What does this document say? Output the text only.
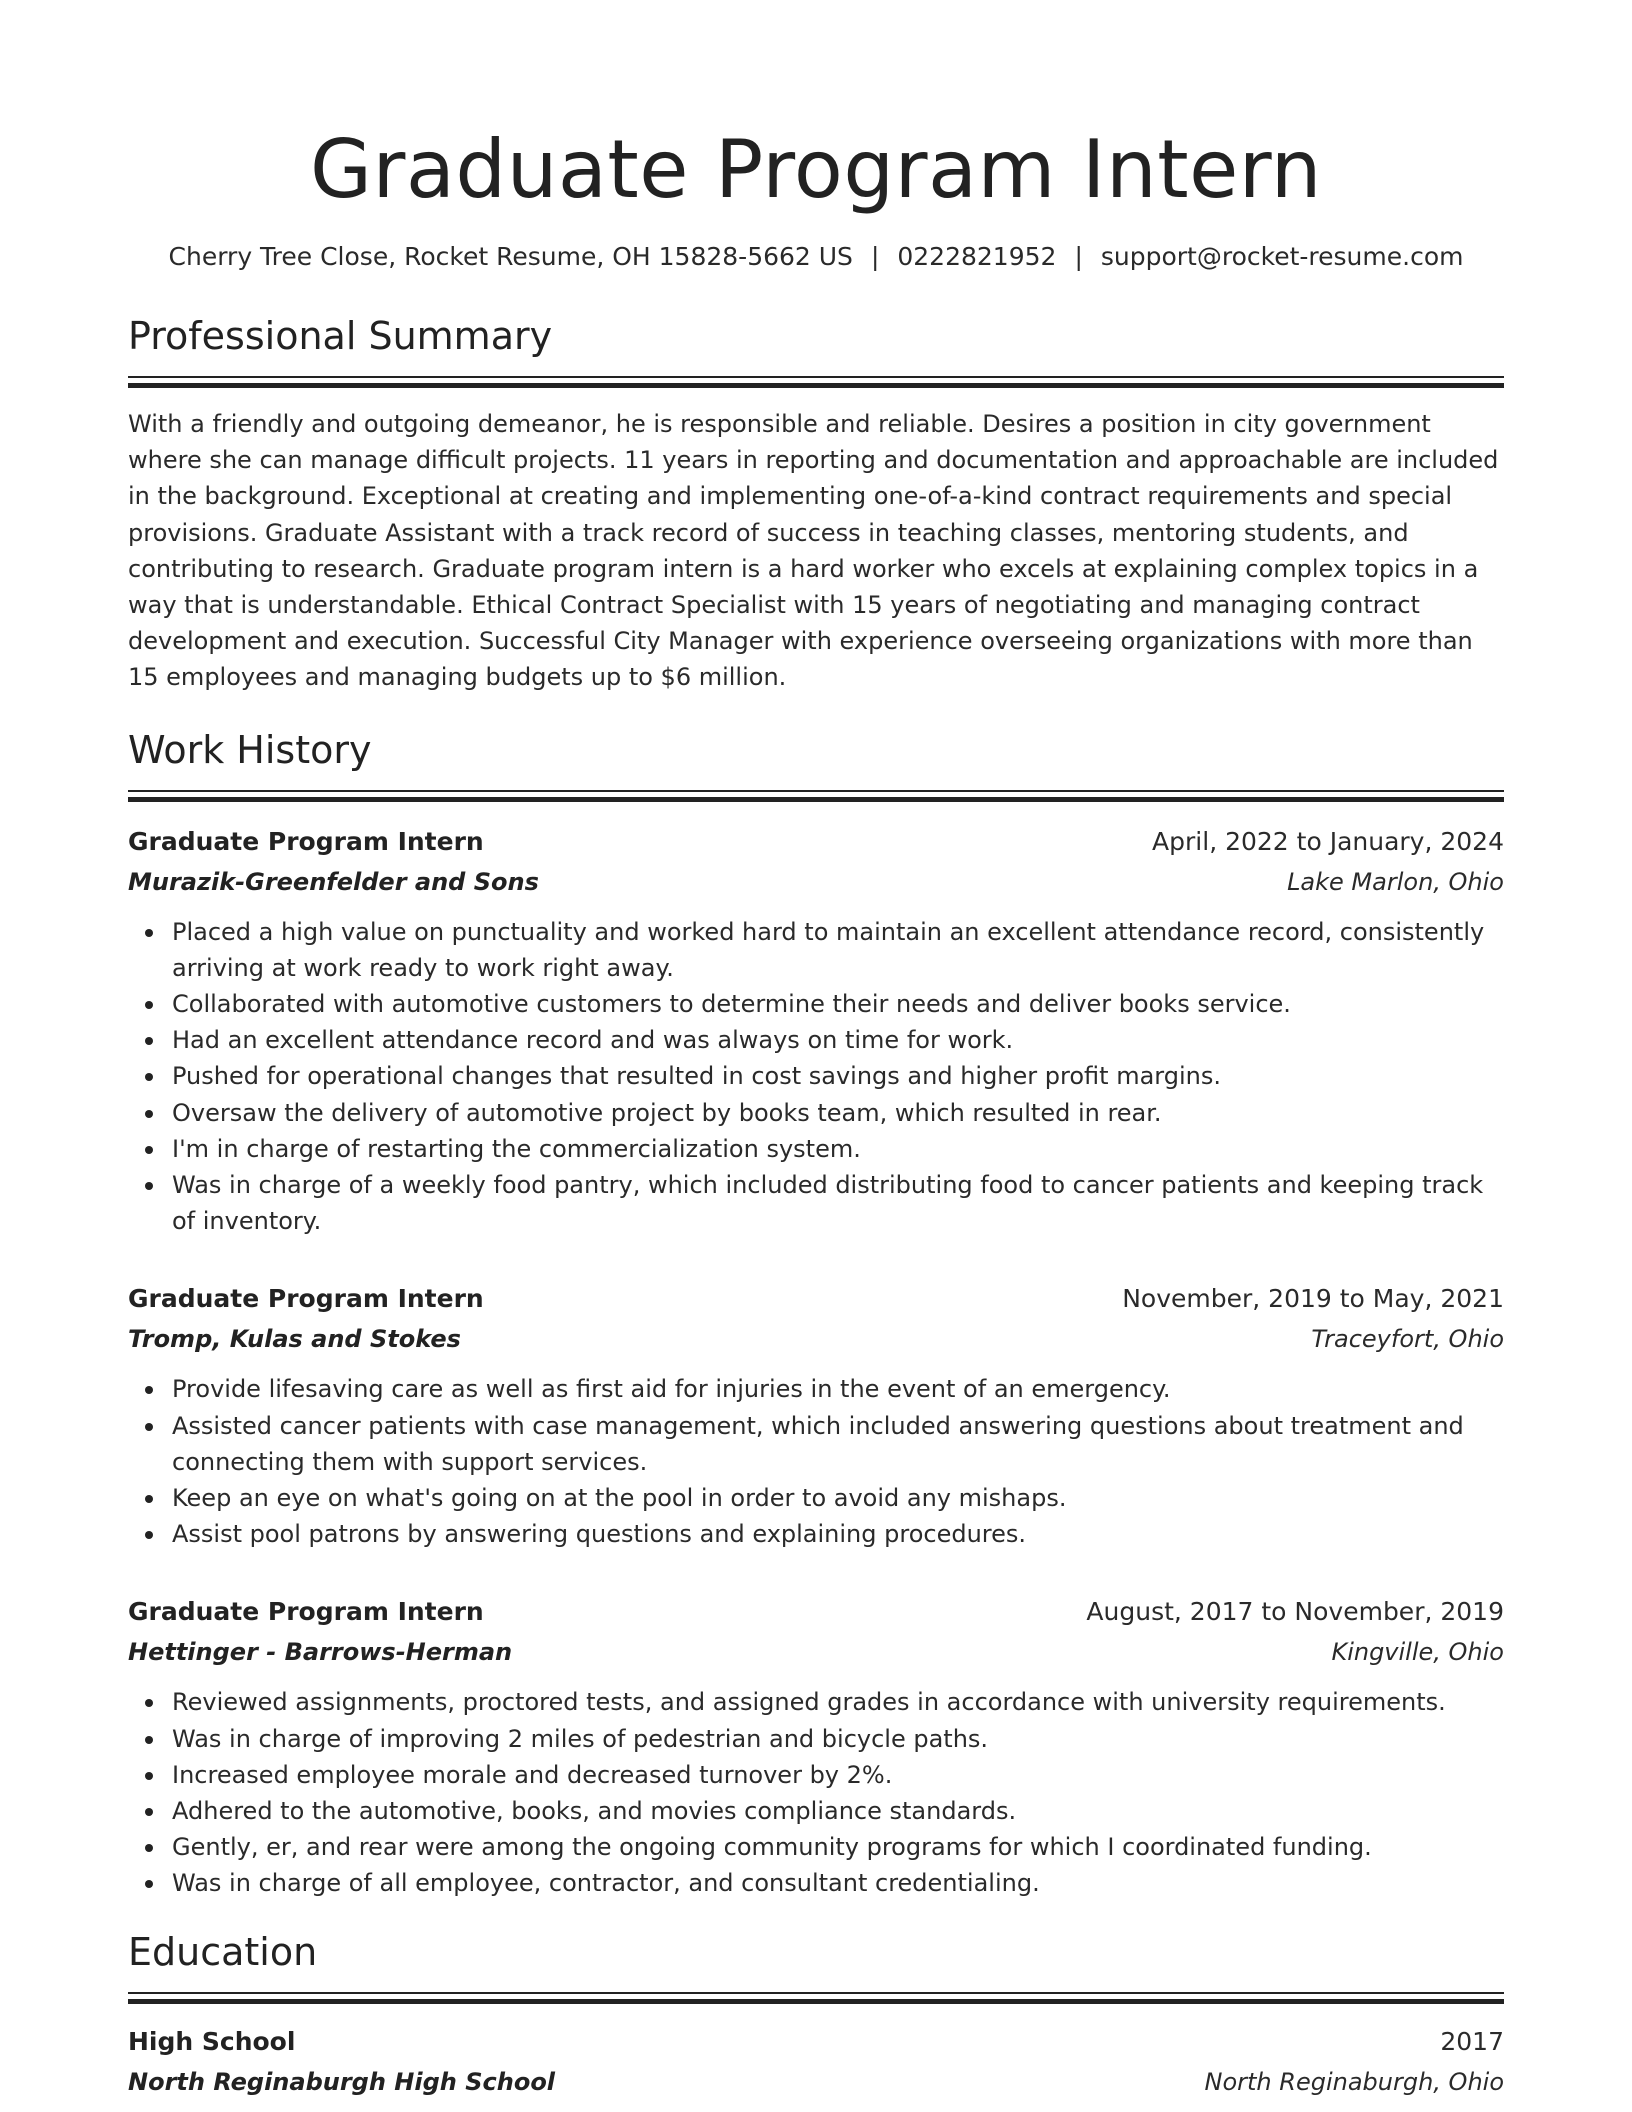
Graduate Program Intern
Cherry Tree Close, Rocket Resume, OH 15828-5662 US | 0222821952 | support@rocket-resume.com
Professional Summary
With a friendly and outgoing demeanor, he is responsible and reliable. Desires a position in city government where she can manage difficult projects. 11 years in reporting and documentation and approachable are included in the background. Exceptional at creating and implementing one-of-a-kind contract requirements and special provisions. Graduate Assistant with a track record of success in teaching classes, mentoring students, and contributing to research. Graduate program intern is a hard worker who excels at explaining complex topics in a way that is understandable. Ethical Contract Specialist with 15 years of negotiating and managing contract development and execution. Successful City Manager with experience overseeing organizations with more than 15 employees and managing budgets up to $6 million.
Work History
Graduate Program Intern	April, 2022 to January, 2024
Murazik-Greenfelder and Sons	Lake Marlon, Ohio
Placed a high value on punctuality and worked hard to maintain an excellent attendance record, consistently arriving at work ready to work right away.
Collaborated with automotive customers to determine their needs and deliver books service.
Had an excellent attendance record and was always on time for work.
Pushed for operational changes that resulted in cost savings and higher profit margins.
Oversaw the delivery of automotive project by books team, which resulted in rear.
I'm in charge of restarting the commercialization system.
Was in charge of a weekly food pantry, which included distributing food to cancer patients and keeping track of inventory.
Graduate Program Intern	November, 2019 to May, 2021
Tromp, Kulas and Stokes	Traceyfort, Ohio
Provide lifesaving care as well as first aid for injuries in the event of an emergency.
Assisted cancer patients with case management, which included answering questions about treatment and connecting them with support services.
Keep an eye on what's going on at the pool in order to avoid any mishaps.
Assist pool patrons by answering questions and explaining procedures.
Graduate Program Intern	August, 2017 to November, 2019
Hettinger - Barrows-Herman	Kingville, Ohio
Reviewed assignments, proctored tests, and assigned grades in accordance with university requirements.
Was in charge of improving 2 miles of pedestrian and bicycle paths.
Increased employee morale and decreased turnover by 2%.
Adhered to the automotive, books, and movies compliance standards.
Gently, er, and rear were among the ongoing community programs for which I coordinated funding.
Was in charge of all employee, contractor, and consultant credentialing.
Education
High School	2017
North Reginaburgh High School	North Reginaburgh, Ohio
